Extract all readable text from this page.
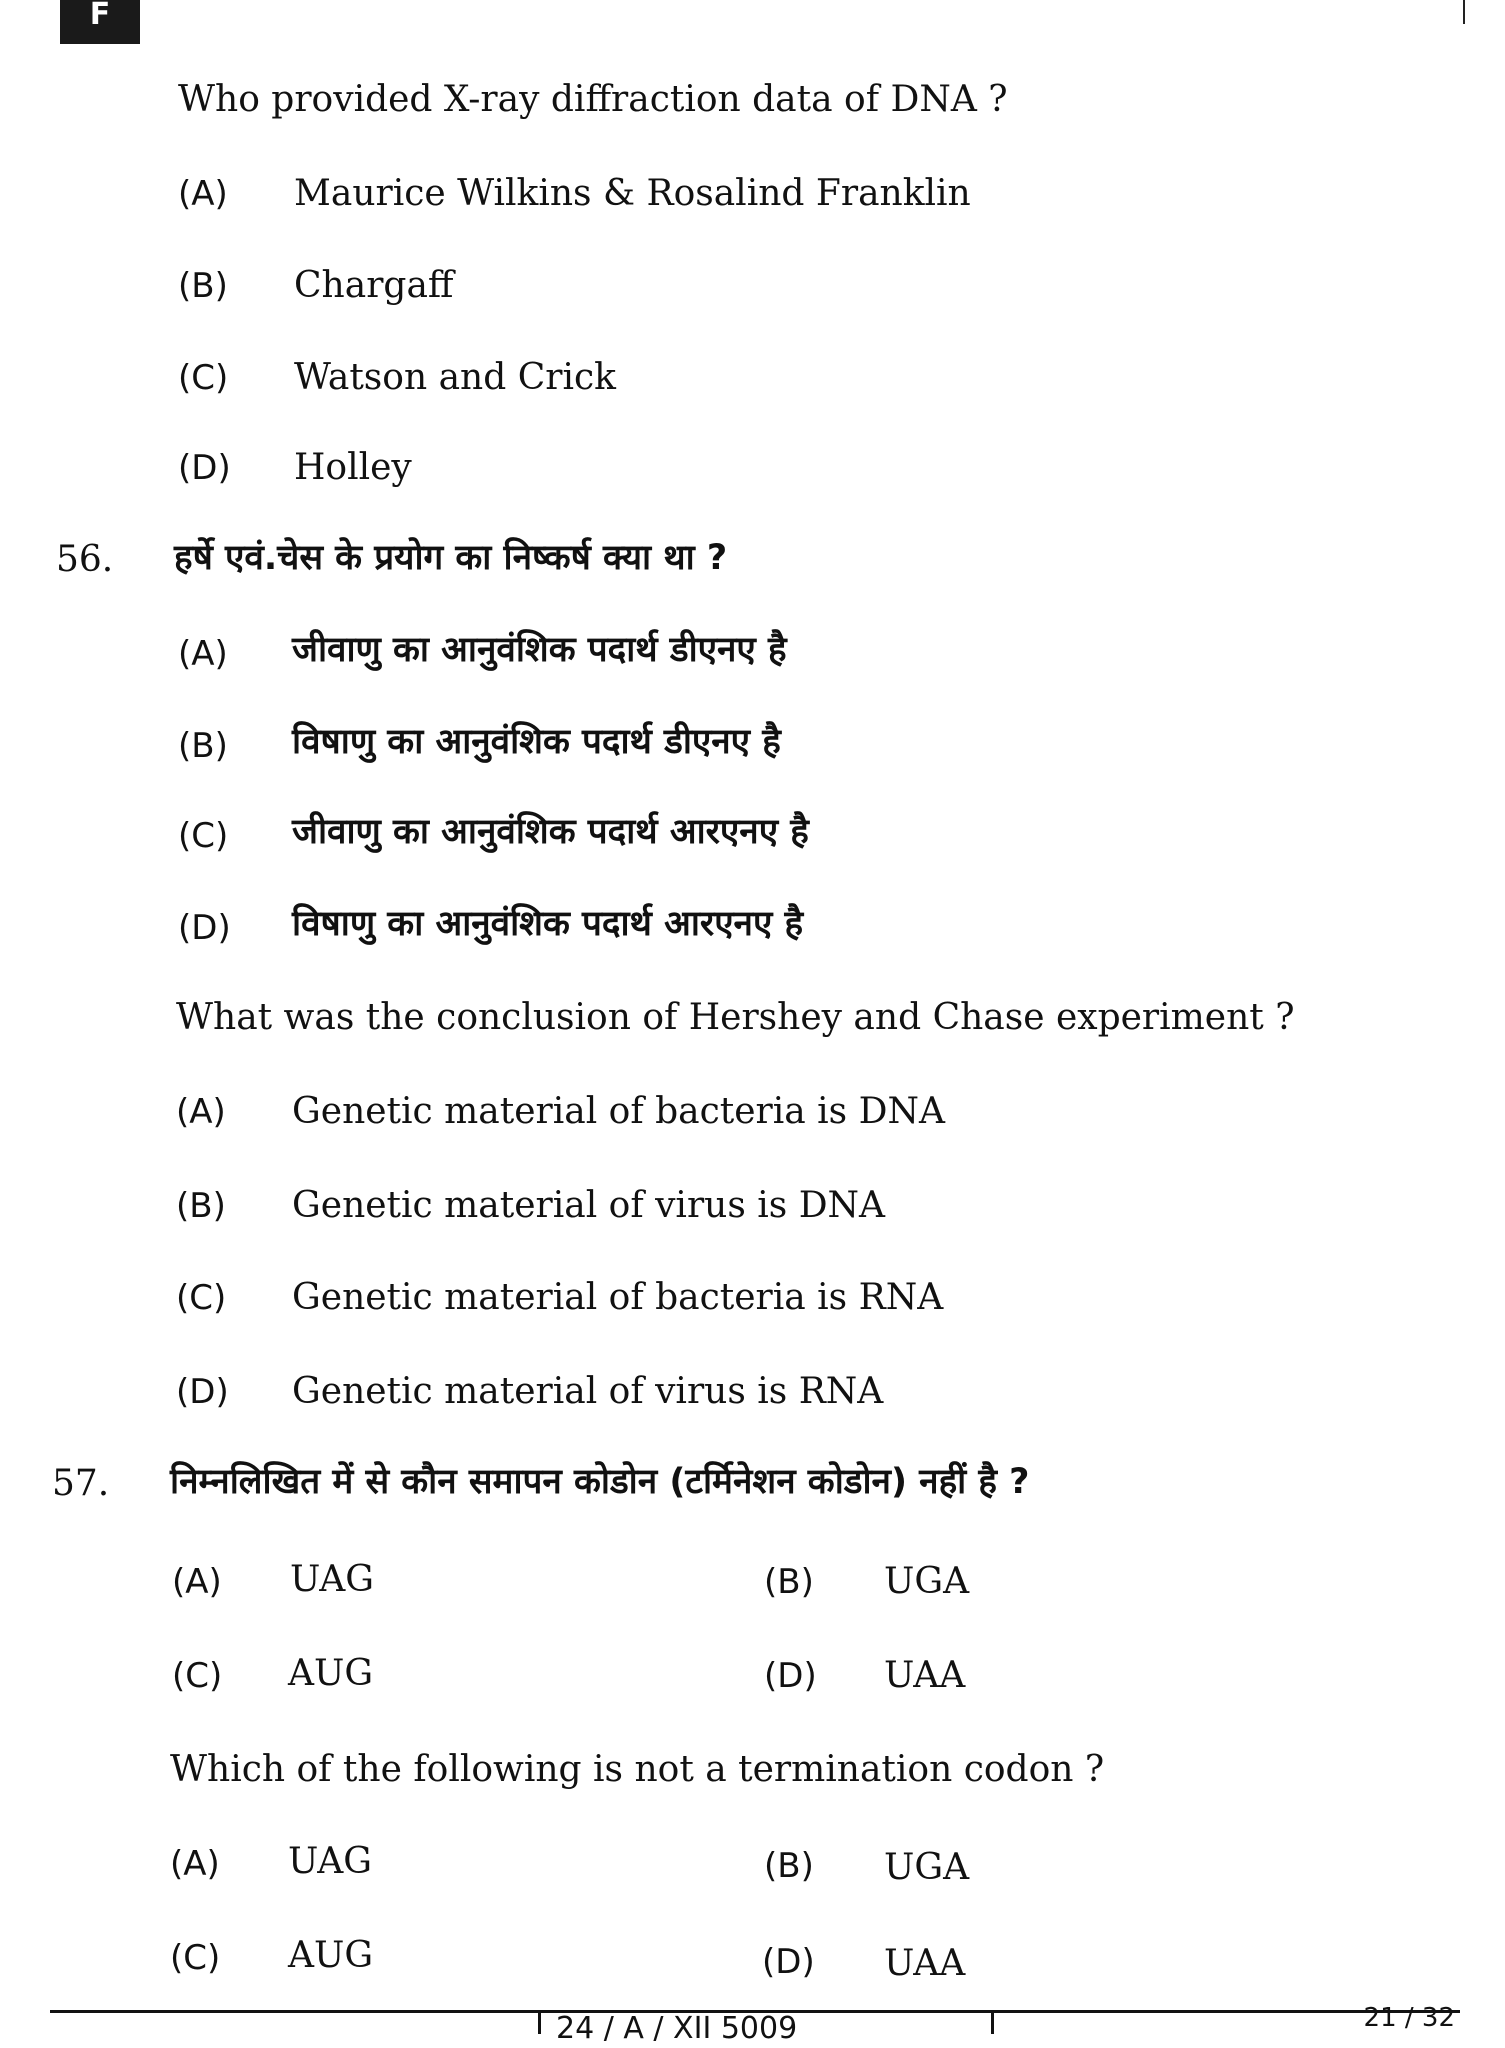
F
Who provided X-ray diffraction data of DNA ?
(A) Maurice Wilkins & Rosalind Franklin
(B) Chargaff
(C) Watson and Crick
(D) Holley
56. हर्षे एवं.चेस के प्रयोग का निष्कर्ष क्या था ?
(A) जीवाणु का आनुवंशिक पदार्थ डीएनए है
(B) विषाणु का आनुवंशिक पदार्थ डीएनए है
(C) जीवाणु का आनुवंशिक पदार्थ आरएनए है
(D) विषाणु का आनुवंशिक पदार्थ आरएनए है
What was the conclusion of Hershey and Chase experiment ?
(A) Genetic material of bacteria is DNA
(B) Genetic material of virus is DNA
(C) Genetic material of bacteria is RNA
(D) Genetic material of virus is RNA
57. निम्नलिखित में से कौन समापन कोडोन (टर्मिनेशन कोडोन) नहीं है ?
(A) UAG	(B) UGA
(C) AUG	(D) UAA
Which of the following is not a termination codon ?
(A) UAG	(B) UGA
(C) AUG	(D) UAA
24 / A / XII 5009	21 / 32
